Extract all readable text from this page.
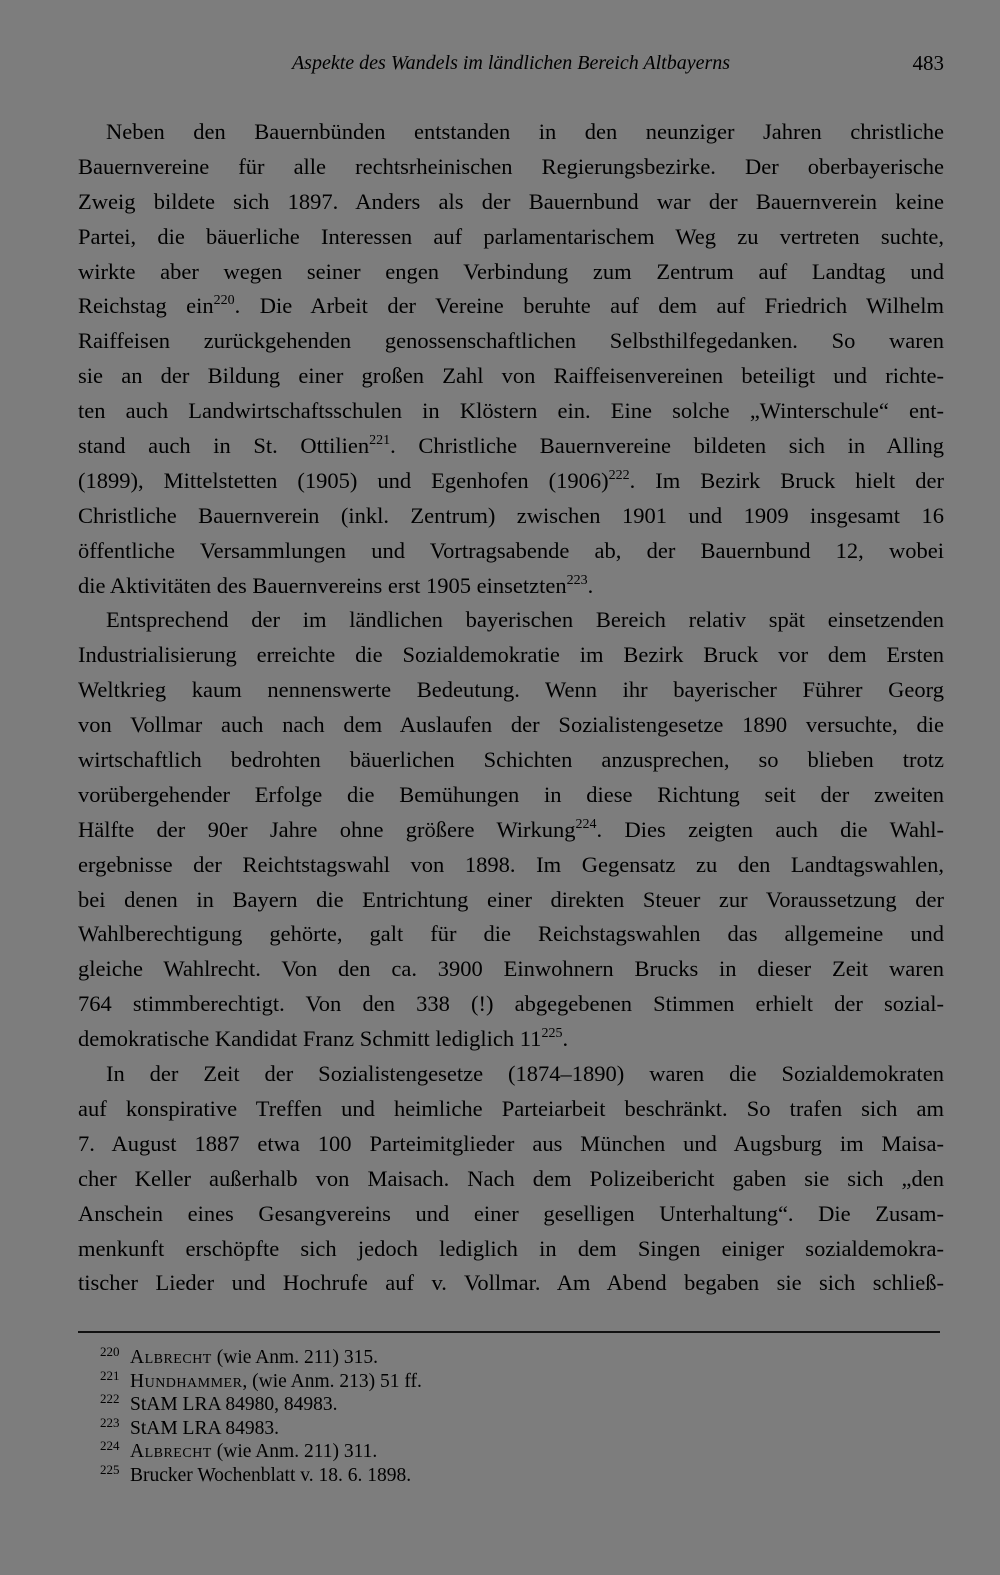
Aspekte des Wandels im ländlichen Bereich Altbayerns	483
Neben den Bauernbünden entstanden in den neunziger Jahren christliche
Bauernvereine für alle rechtsrheinischen Regierungsbezirke. Der oberbayerische
Zweig bildete sich 1897. Anders als der Bauernbund war der Bauernverein keine
Partei, die bäuerliche Interessen auf parlamentarischem Weg zu vertreten suchte,
wirkte aber wegen seiner engen Verbindung zum Zentrum auf Landtag und
Reichstag ein$^{220}$. Die Arbeit der Vereine beruhte auf dem auf Friedrich Wilhelm
Raiffeisen zurückgehenden genossenschaftlichen Selbsthilfegedanken. So waren
sie an der Bildung einer großen Zahl von Raiffeisenvereinen beteiligt und richte-
ten auch Landwirtschaftsschulen in Klöstern ein. Eine solche „Winterschule“ ent-
stand auch in St. Ottilien$^{221}$. Christliche Bauernvereine bildeten sich in Alling
(1899), Mittelstetten (1905) und Egenhofen $(1906)^{222}$. Im Bezirk Bruck hielt der
Christliche Bauernverein (inkl. Zentrum) zwischen 1901 und 1909 insgesamt 16
öffentliche Versammlungen und Vortragsabende ab, der Bauernbund 12, wobei
die Aktivitäten des Bauernvereins erst 1905 einsetzten$^{223}$.
Entsprechend der im ländlichen bayerischen Bereich relativ spät einsetzenden
Industrialisierung erreichte die Sozialdemokratie im Bezirk Bruck vor dem Ersten
Weltkrieg kaum nennenswerte Bedeutung. Wenn ihr bayerischer Führer Georg
von Vollmar auch nach dem Auslaufen der Sozialistengesetze 1890 versuchte, die
wirtschaftlich bedrohten bäuerlichen Schichten anzusprechen, so blieben trotz
vorübergehender Erfolge die Bemühungen in diese Richtung seit der zweiten
Hälfte der 90er Jahre ohne größere Wirkung$^{224}$. Dies zeigten auch die Wahl-
ergebnisse der Reichtstagswahl von 1898. Im Gegensatz zu den Landtagswahlen,
bei denen in Bayern die Entrichtung einer direkten Steuer zur Voraussetzung der
Wahlberechtigung gehörte, galt für die Reichstagswahlen das allgemeine und
gleiche Wahlrecht. Von den ca. 3900 Einwohnern Brucks in dieser Zeit waren
764 stimmberechtigt. Von den 338 (!) abgegebenen Stimmen erhielt der sozial-
demokratische Kandidat Franz Schmitt lediglich $11^{225}$.
In der Zeit der Sozialistengesetze (1874–1890) waren die Sozialdemokraten
auf konspirative Treffen und heimliche Parteiarbeit beschränkt. So trafen sich am
7. August 1887 etwa 100 Parteimitglieder aus München und Augsburg im Maisa-
cher Keller außerhalb von Maisach. Nach dem Polizeibericht gaben sie sich „den
Anschein eines Gesangvereins und einer geselligen Unterhaltung“. Die Zusam-
menkunft erschöpfte sich jedoch lediglich in dem Singen einiger sozialdemokra-
tischer Lieder und Hochrufe auf v. Vollmar. Am Abend begaben sie sich schließ-
220 Albrecht (wie Anm. 211) 315.
221 Hundhammer, (wie Anm. 213) 51 ff.
222 StAM LRA 84980, 84983.
223 StAM LRA 84983.
224 Albrecht (wie Anm. 211) 311.
225 Brucker Wochenblatt v. 18. 6. 1898.
